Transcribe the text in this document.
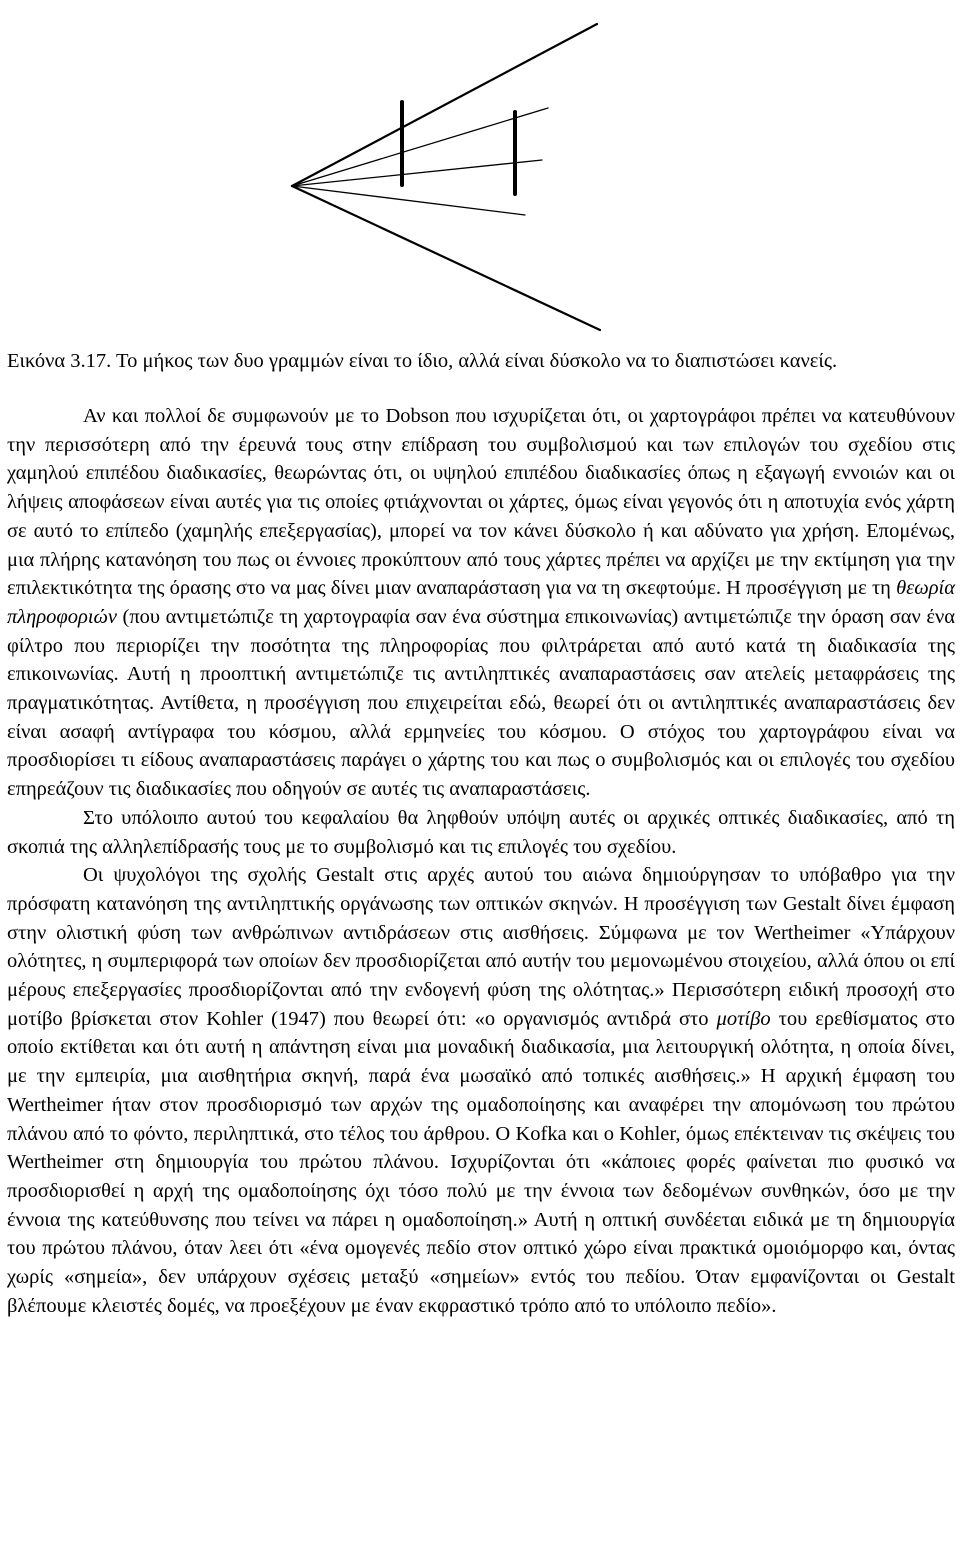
Εικόνα 3.17. Το μήκος των δυο γραμμών είναι το ίδιο, αλλά είναι δύσκολο να το διαπιστώσει κανείς.

Αν και πολλοί δε συμφωνούν με το Dobson που ισχυρίζεται ότι, οι χαρτογράφοι πρέπει να κατευθύνουν την περισσότερη από την έρευνά τους στην επίδραση του συμβολισμού και των επιλογών του σχεδίου στις χαμηλού επιπέδου διαδικασίες, θεωρώντας ότι, οι υψηλού επιπέδου διαδικασίες όπως η εξαγωγή εννοιών και οι λήψεις αποφάσεων είναι αυτές για τις οποίες φτιάχνονται οι χάρτες, όμως είναι γεγονός ότι η αποτυχία ενός χάρτη σε αυτό το επίπεδο (χαμηλής επεξεργασίας), μπορεί να τον κάνει δύσκολο ή και αδύνατο για χρήση. Επομένως, μια πλήρης κατανόηση του πως οι έννοιες προκύπτουν από τους χάρτες πρέπει να αρχίζει με την εκτίμηση για την επιλεκτικότητα της όρασης στο να μας δίνει μιαν αναπαράσταση για να τη σκεφτούμε. Η προσέγγιση με τη θεωρία πληροφοριών (που αντιμετώπιζε τη χαρτογραφία σαν ένα σύστημα επικοινωνίας) αντιμετώπιζε την όραση σαν ένα φίλτρο που περιορίζει την ποσότητα της πληροφορίας που φιλτράρεται από αυτό κατά τη διαδικασία της επικοινωνίας. Αυτή η προοπτική αντιμετώπιζε τις αντιληπτικές αναπαραστάσεις σαν ατελείς μεταφράσεις της πραγματικότητας. Αντίθετα, η προσέγγιση που επιχειρείται εδώ, θεωρεί ότι οι αντιληπτικές αναπαραστάσεις δεν είναι ασαφή αντίγραφα του κόσμου, αλλά ερμηνείες του κόσμου. Ο στόχος του χαρτογράφου είναι να προσδιορίσει τι είδους αναπαραστάσεις παράγει ο χάρτης του και πως ο συμβολισμός και οι επιλογές του σχεδίου επηρεάζουν τις διαδικασίες που οδηγούν σε αυτές τις αναπαραστάσεις.

Στο υπόλοιπο αυτού του κεφαλαίου θα ληφθούν υπόψη αυτές οι αρχικές οπτικές διαδικασίες, από τη σκοπιά της αλληλεπίδρασής τους με το συμβολισμό και τις επιλογές του σχεδίου.

Οι ψυχολόγοι της σχολής Gestalt στις αρχές αυτού του αιώνα δημιούργησαν το υπόβαθρο για την πρόσφατη κατανόηση της αντιληπτικής οργάνωσης των οπτικών σκηνών. Η προσέγγιση των Gestalt δίνει έμφαση στην ολιστική φύση των ανθρώπινων αντιδράσεων στις αισθήσεις. Σύμφωνα με τον Wertheimer «Υπάρχουν ολότητες, η συμπεριφορά των οποίων δεν προσδιορίζεται από αυτήν του μεμονωμένου στοιχείου, αλλά όπου οι επί μέρους επεξεργασίες προσδιορίζονται από την ενδογενή φύση της ολότητας.» Περισσότερη ειδική προσοχή στο μοτίβο βρίσκεται στον Kohler (1947) που θεωρεί ότι: «ο οργανισμός αντιδρά στο μοτίβο του ερεθίσματος στο οποίο εκτίθεται και ότι αυτή η απάντηση είναι μια μοναδική διαδικασία, μια λειτουργική ολότητα, η οποία δίνει, με την εμπειρία, μια αισθητήρια σκηνή, παρά ένα μωσαϊκό από τοπικές αισθήσεις.» Η αρχική έμφαση του Wertheimer ήταν στον προσδιορισμό των αρχών της ομαδοποίησης και αναφέρει την απομόνωση του πρώτου πλάνου από το φόντο, περιληπτικά, στο τέλος του άρθρου. Ο Kofka και ο Kohler, όμως επέκτειναν τις σκέψεις του Wertheimer στη δημιουργία του πρώτου πλάνου. Ισχυρίζονται ότι «κάποιες φορές φαίνεται πιο φυσικό να προσδιορισθεί η αρχή της ομαδοποίησης όχι τόσο πολύ με την έννοια των δεδομένων συνθηκών, όσο με την έννοια της κατεύθυνσης που τείνει να πάρει η ομαδοποίηση.» Αυτή η οπτική συνδέεται ειδικά με τη δημιουργία του πρώτου πλάνου, όταν λεει ότι «ένα ομογενές πεδίο στον οπτικό χώρο είναι πρακτικά ομοιόμορφο και, όντας χωρίς «σημεία», δεν υπάρχουν σχέσεις μεταξύ «σημείων» εντός του πεδίου. Όταν εμφανίζονται οι Gestalt βλέπουμε κλειστές δομές, να προεξέχουν με έναν εκφραστικό τρόπο από το υπόλοιπο πεδίο».
